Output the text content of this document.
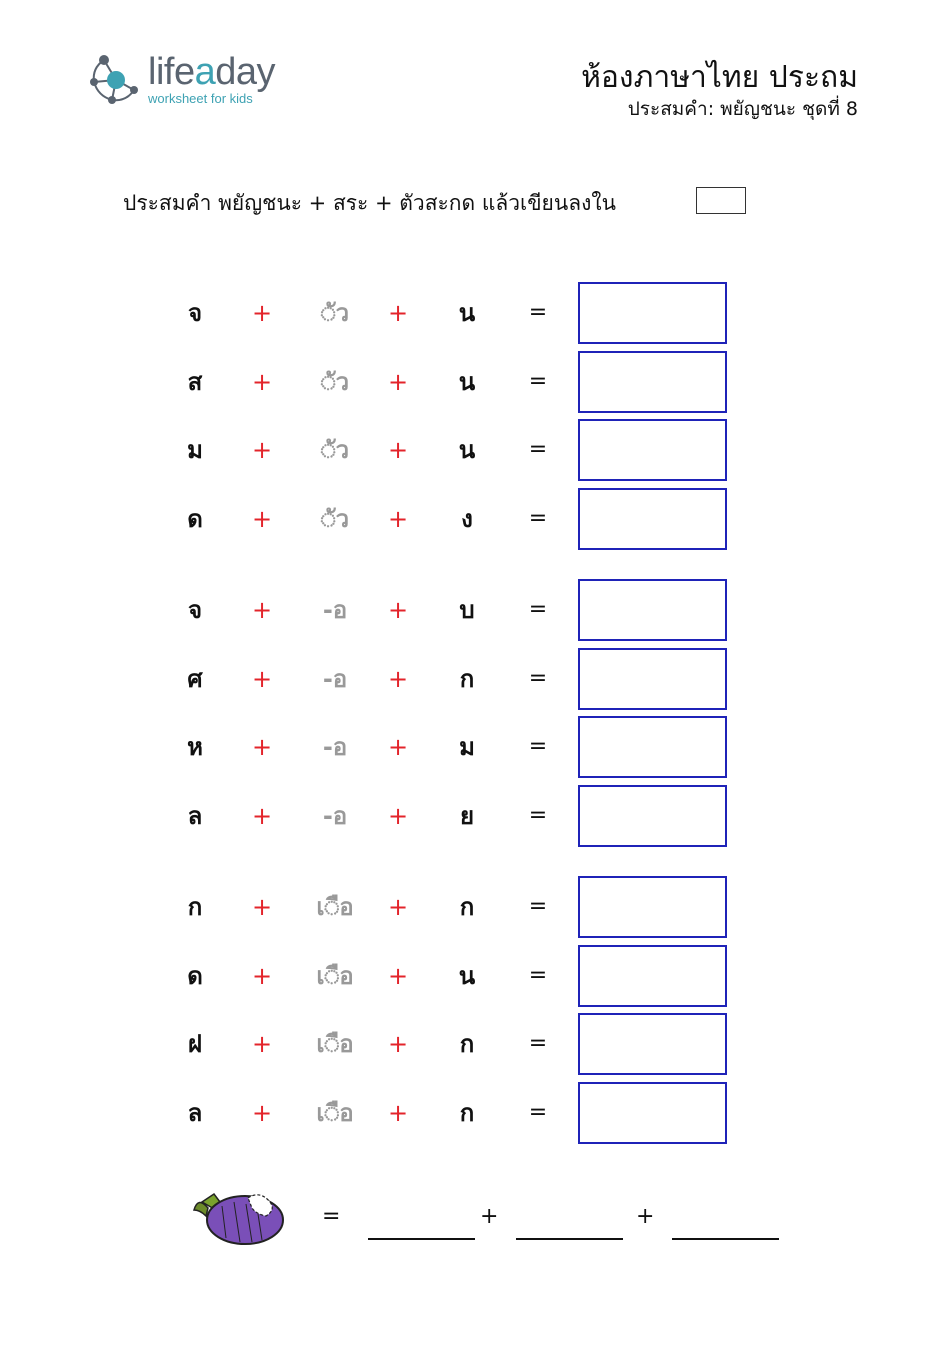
lifeaday
worksheet for kids
ห้องภาษาไทย ประถม
ประสมคำ: พยัญชนะ ชุดที่ 8
ประสมคำ พยัญชนะ + สระ + ตัวสะกด แล้วเขียนลงใน
จ	+	◌ัว	+	น	=
ส	+	◌ัว	+	น	=
ม	+	◌ัว	+	น	=
ด	+	◌ัว	+	ง	=
จ	+	-อ	+	บ	=
ศ	+	-อ	+	ก	=
ห	+	-อ	+	ม	=
ล	+	-อ	+	ย	=
ก	+	เ◌ือ	+	ก	=
ด	+	เ◌ือ	+	น	=
ฝ	+	เ◌ือ	+	ก	=
ล	+	เ◌ือ	+	ก	=
=	+	+
